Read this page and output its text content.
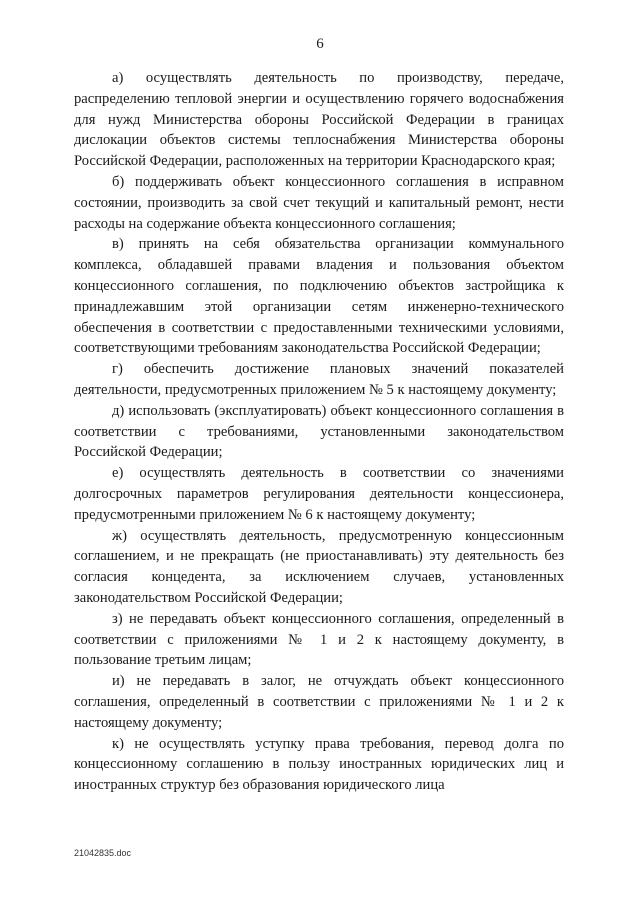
6

а) осуществлять деятельность по производству, передаче, распределению тепловой энергии и осуществлению горячего водоснабжения для нужд Министерства обороны Российской Федерации в границах дислокации объектов системы теплоснабжения Министерства обороны Российской Федерации, расположенных на территории Краснодарского края;

б) поддерживать объект концессионного соглашения в исправном состоянии, производить за свой счет текущий и капитальный ремонт, нести расходы на содержание объекта концессионного соглашения;

в) принять на себя обязательства организации коммунального комплекса, обладавшей правами владения и пользования объектом концессионного соглашения, по подключению объектов застройщика к принадлежавшим этой организации сетям инженерно-технического обеспечения в соответствии с предоставленными техническими условиями, соответствующими требованиям законодательства Российской Федерации;

г) обеспечить достижение плановых значений показателей деятельности, предусмотренных приложением № 5 к настоящему документу;

д) использовать (эксплуатировать) объект концессионного соглашения в соответствии с требованиями, установленными законодательством Российской Федерации;

е) осуществлять деятельность в соответствии со значениями долгосрочных параметров регулирования деятельности концессионера, предусмотренными приложением № 6 к настоящему документу;

ж) осуществлять деятельность, предусмотренную концессионным соглашением, и не прекращать (не приостанавливать) эту деятельность без согласия концедента, за исключением случаев, установленных законодательством Российской Федерации;

з) не передавать объект концессионного соглашения, определенный в соответствии с приложениями № 1 и 2 к настоящему документу, в пользование третьим лицам;

и) не передавать в залог, не отчуждать объект концессионного соглашения, определенный в соответствии с приложениями № 1 и 2 к настоящему документу;

к) не осуществлять уступку права требования, перевод долга по концессионному соглашению в пользу иностранных юридических лиц и иностранных структур без образования юридического лица

21042835.doc
